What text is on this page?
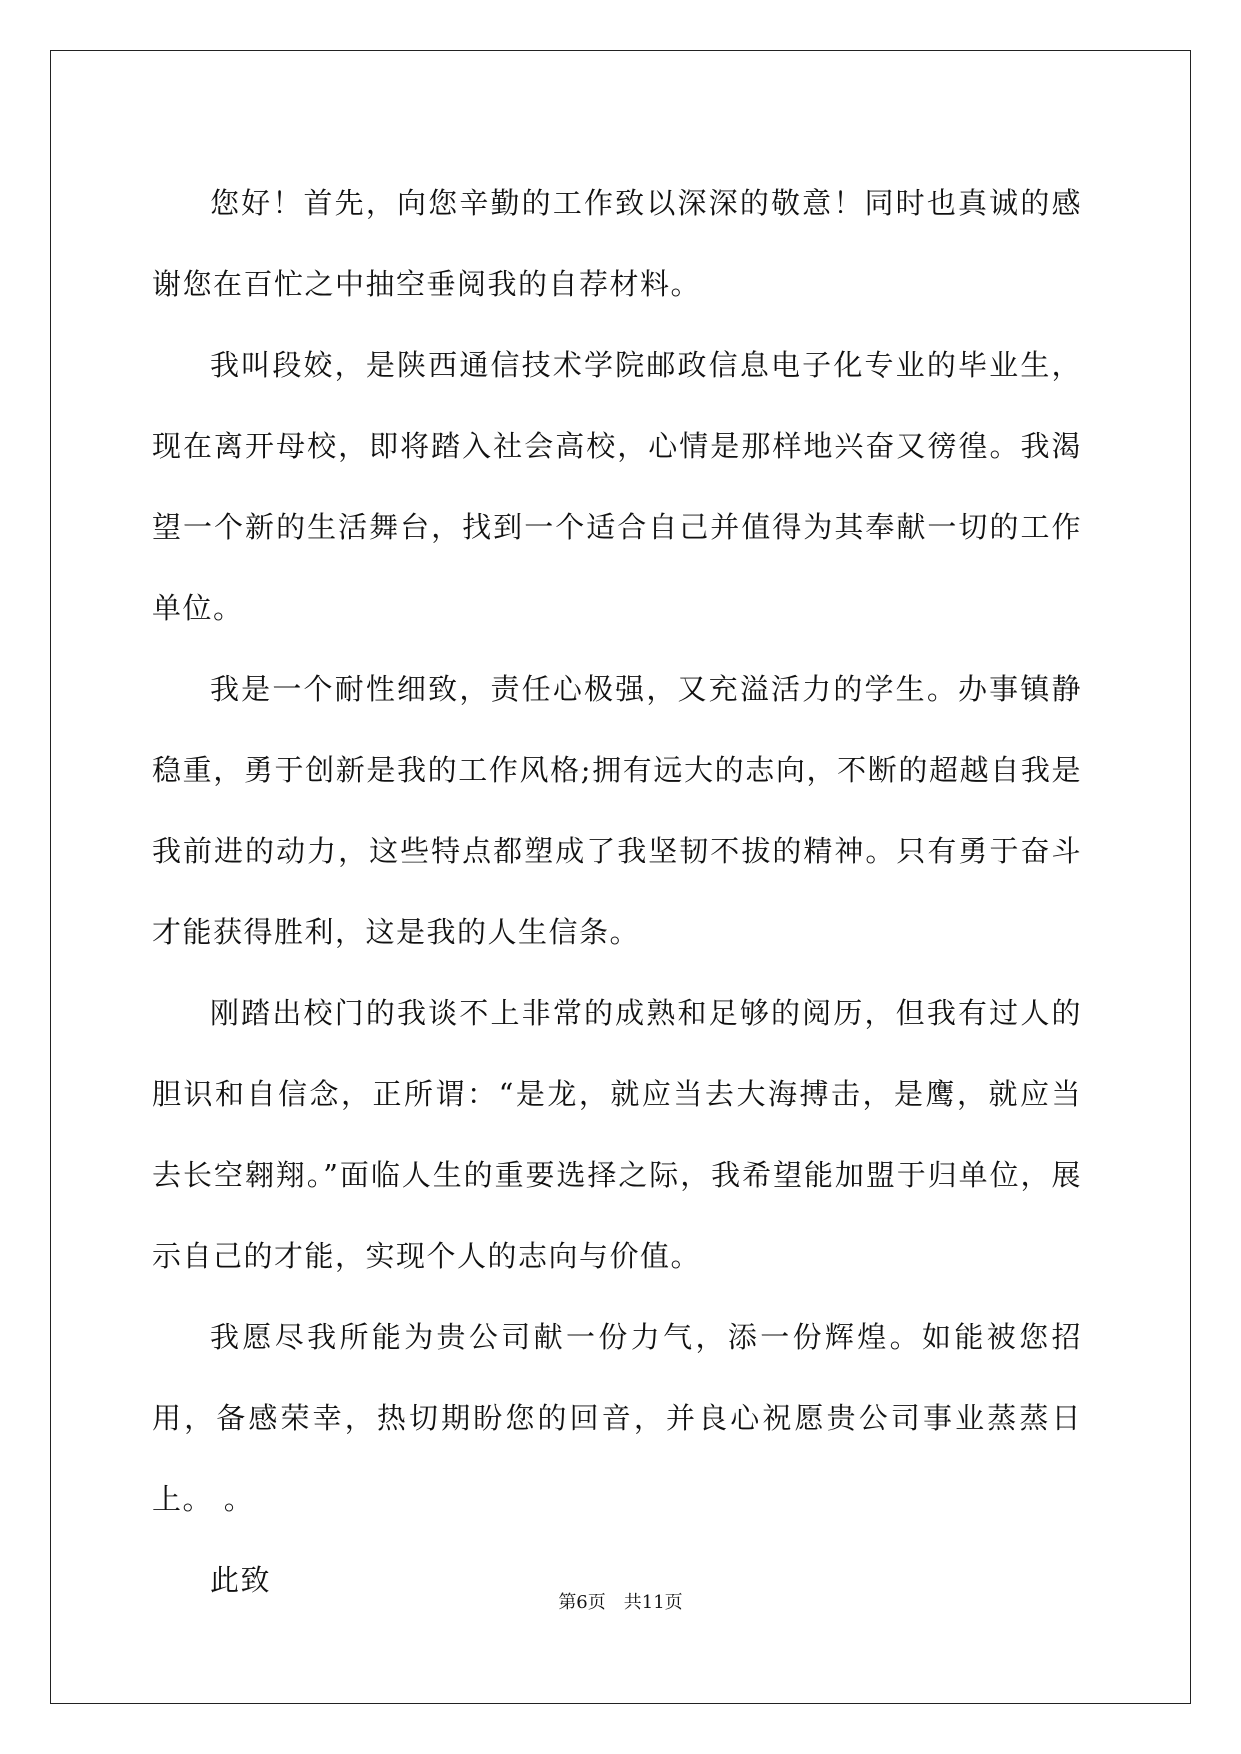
您好！首先，向您辛勤的工作致以深深的敬意！同时也真诚的感谢您在百忙之中抽空垂阅我的自荐材料。

我叫段姣，是陕西通信技术学院邮政信息电子化专业的毕业生，现在离开母校，即将踏入社会高校，心情是那样地兴奋又徬徨。我渴望一个新的生活舞台，找到一个适合自己并值得为其奉献一切的工作单位。

我是一个耐性细致，责任心极强，又充溢活力的学生。办事镇静稳重，勇于创新是我的工作风格;拥有远大的志向，不断的超越自我是我前进的动力，这些特点都塑成了我坚韧不拔的精神。只有勇于奋斗才能获得胜利，这是我的人生信条。

刚踏出校门的我谈不上非常的成熟和足够的阅历，但我有过人的胆识和自信念，正所谓：“是龙，就应当去大海搏击，是鹰，就应当去长空翱翔。”面临人生的重要选择之际，我希望能加盟于归单位，展示自己的才能，实现个人的志向与价值。

我愿尽我所能为贵公司献一份力气，添一份辉煌。如能被您招用，备感荣幸，热切期盼您的回音，并良心祝愿贵公司事业蒸蒸日上。 。

此致

第6页 共11页
